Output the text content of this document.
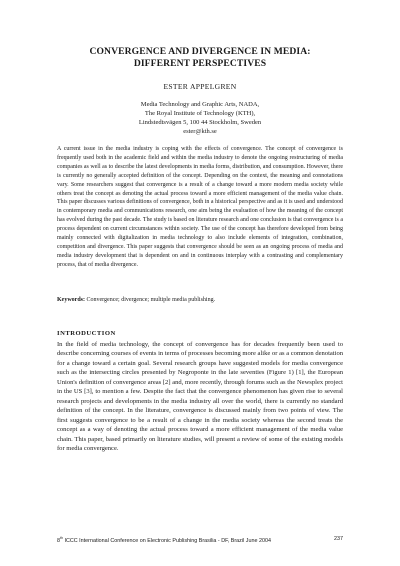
CONVERGENCE AND DIVERGENCE IN MEDIA:
DIFFERENT PERSPECTIVES
ESTER APPELGREN
Media Technology and Graphic Arts, NADA,
The Royal Institute of Technology (KTH),
Lindstedtsvägen 5, 100 44 Stockholm, Sweden
ester@kth.se
A current issue in the media industry is coping with the effects of convergence. The concept of convergence is frequently used both in the academic field and within the media industry to denote the ongoing restructuring of media companies as well as to describe the latest developments in media forms, distribution, and consumption. However, there is currently no generally accepted definition of the concept. Depending on the context, the meaning and connotations vary. Some researchers suggest that convergence is a result of a change toward a more modern media society while others treat the concept as denoting the actual process toward a more efficient management of the media value chain. This paper discusses various definitions of convergence, both in a historical perspective and as it is used and understood in contemporary media and communications research, one aim being the evaluation of how the meaning of the concept has evolved during the past decade. The study is based on literature research and one conclusion is that convergence is a process dependent on current circumstances within society. The use of the concept has therefore developed from being mainly connected with digitalization in media technology to also include elements of integration, combination, competition and divergence. This paper suggests that convergence should be seen as an ongoing process of media and media industry development that is dependent on and in continuous interplay with a contrasting and complementary process, that of media divergence.
Keywords: Convergence; divergence; multiple media publishing.
INTRODUCTION
In the field of media technology, the concept of convergence has for decades frequently been used to describe concerning courses of events in terms of processes becoming more alike or as a common denotation for a change toward a certain goal. Several research groups have suggested models for media convergence such as the intersecting circles presented by Negroponte in the late seventies (Figure 1) [1], the European Union's definition of convergence areas [2] and, more recently, through forums such as the Newsplex project in the US [3], to mention a few. Despite the fact that the convergence phenomenon has given rise to several research projects and developments in the media industry all over the world, there is currently no standard definition of the concept. In the literature, convergence is discussed mainly from two points of view. The first suggests convergence to be a result of a change in the media society whereas the second treats the concept as a way of denoting the actual process toward a more efficient management of the media value chain. This paper, based primarily on literature studies, will present a review of some of the existing models for media convergence.
8th ICCC International Conference on Electronic Publishing Brasilia - DF, Brazil June 2004	237
